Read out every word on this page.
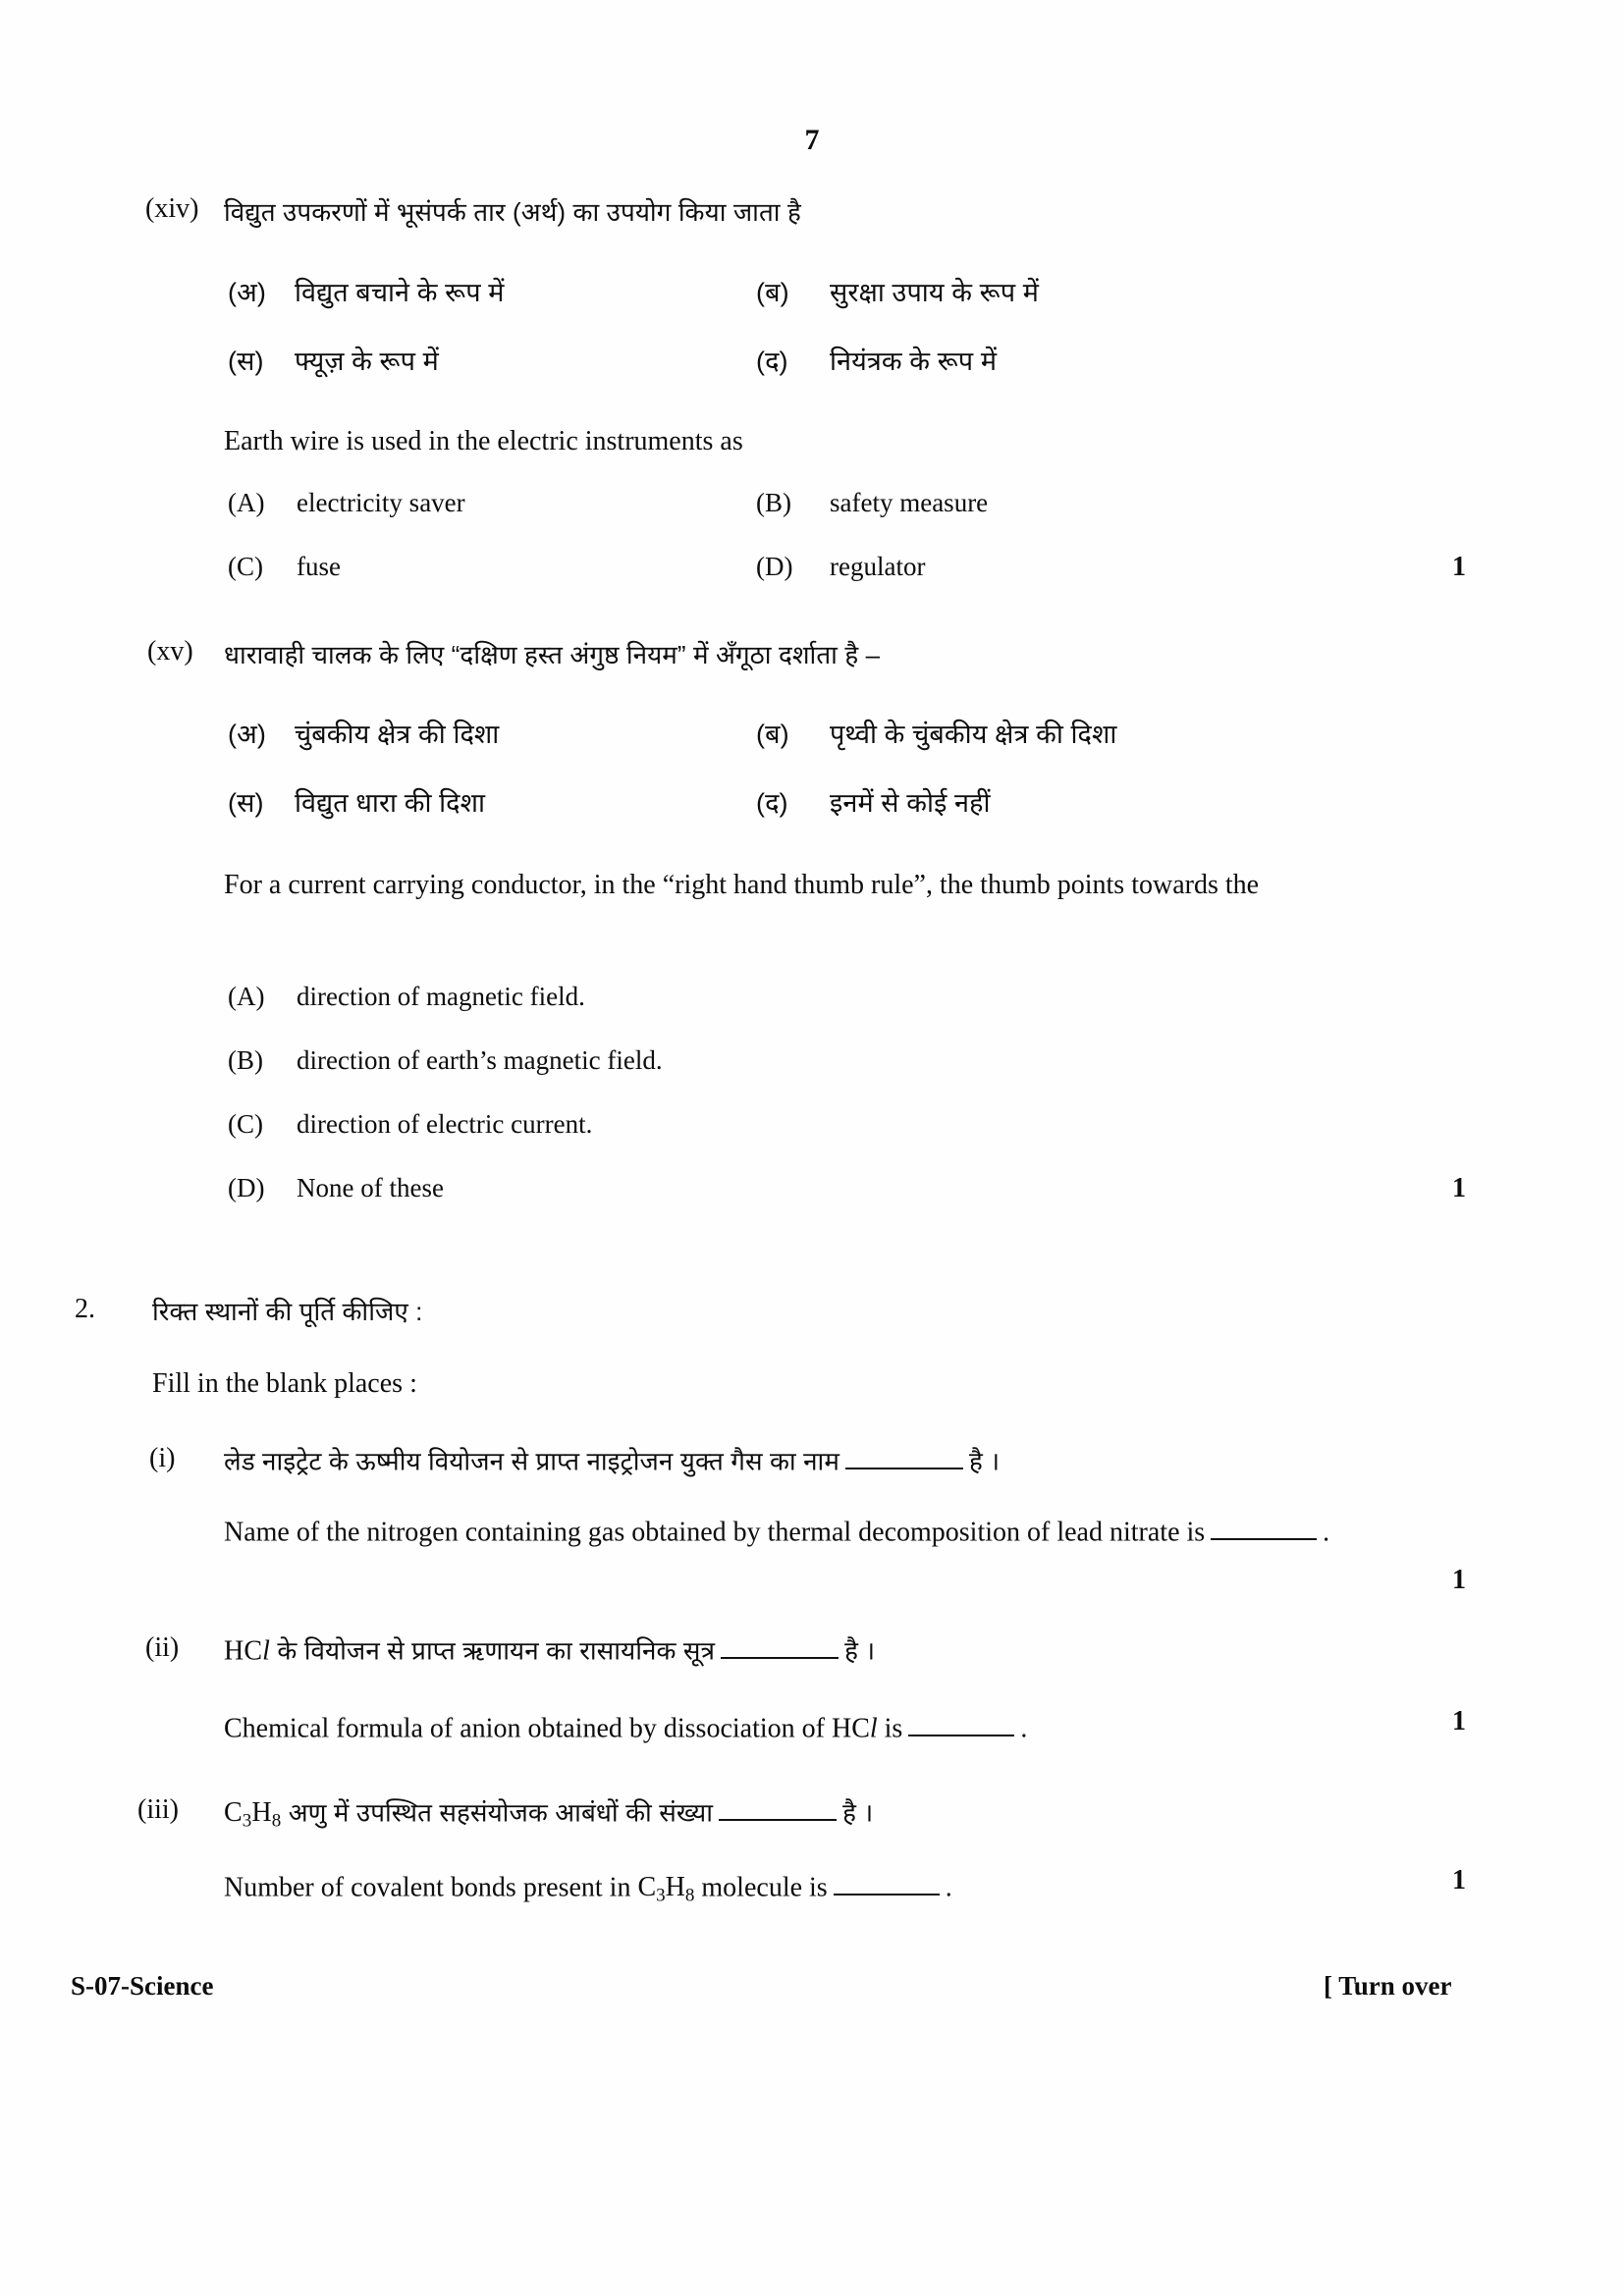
7
(xiv) विद्युत उपकरणों में भूसंपर्क तार (अर्थ) का उपयोग किया जाता है
(अ) विद्युत बचाने के रूप में	(ब) सुरक्षा उपाय के रूप में
(स) फ्यूज़ के रूप में	(द) नियंत्रक के रूप में
Earth wire is used in the electric instruments as
(A) electricity saver	(B) safety measure
(C) fuse	(D) regulator	1
(xv) धारावाही चालक के लिए “दक्षिण हस्त अंगुष्ठ नियम” में अँगूठा दर्शाता है –
(अ) चुंबकीय क्षेत्र की दिशा	(ब) पृथ्वी के चुंबकीय क्षेत्र की दिशा
(स) विद्युत धारा की दिशा	(द) इनमें से कोई नहीं
For a current carrying conductor, in the “right hand thumb rule”, the thumb points towards the
(A) direction of magnetic field.
(B) direction of earth’s magnetic field.
(C) direction of electric current.
(D) None of these	1
2. रिक्त स्थानों की पूर्ति कीजिए :
Fill in the blank places :
(i) लेड नाइट्रेट के ऊष्मीय वियोजन से प्राप्त नाइट्रोजन युक्त गैस का नाम	है ।
Name of the nitrogen containing gas obtained by thermal decomposition of lead nitrate is	.
1
(ii) HCl के वियोजन से प्राप्त ऋणायन का रासायनिक सूत्र	है ।
Chemical formula of anion obtained by dissociation of HCl is	.	1
(iii) $C_3H_8$ अणु में उपस्थित सहसंयोजक आबंधों की संख्या	है ।
Number of covalent bonds present in $C_3H_8$ molecule is	.	1
S-07-Science	[ Turn over
